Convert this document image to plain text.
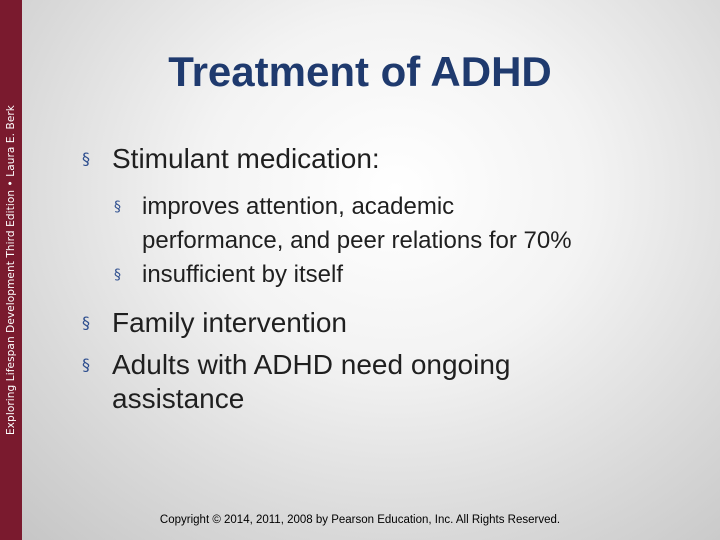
Exploring Lifespan Development Third Edition • Laura E. Berk
Treatment of ADHD
§ Stimulant medication:
§ improves attention, academic performance, and peer relations for 70%
§ insufficient by itself
§ Family intervention
§ Adults with ADHD need ongoing assistance
Copyright © 2014, 2011, 2008 by Pearson Education, Inc. All Rights Reserved.
